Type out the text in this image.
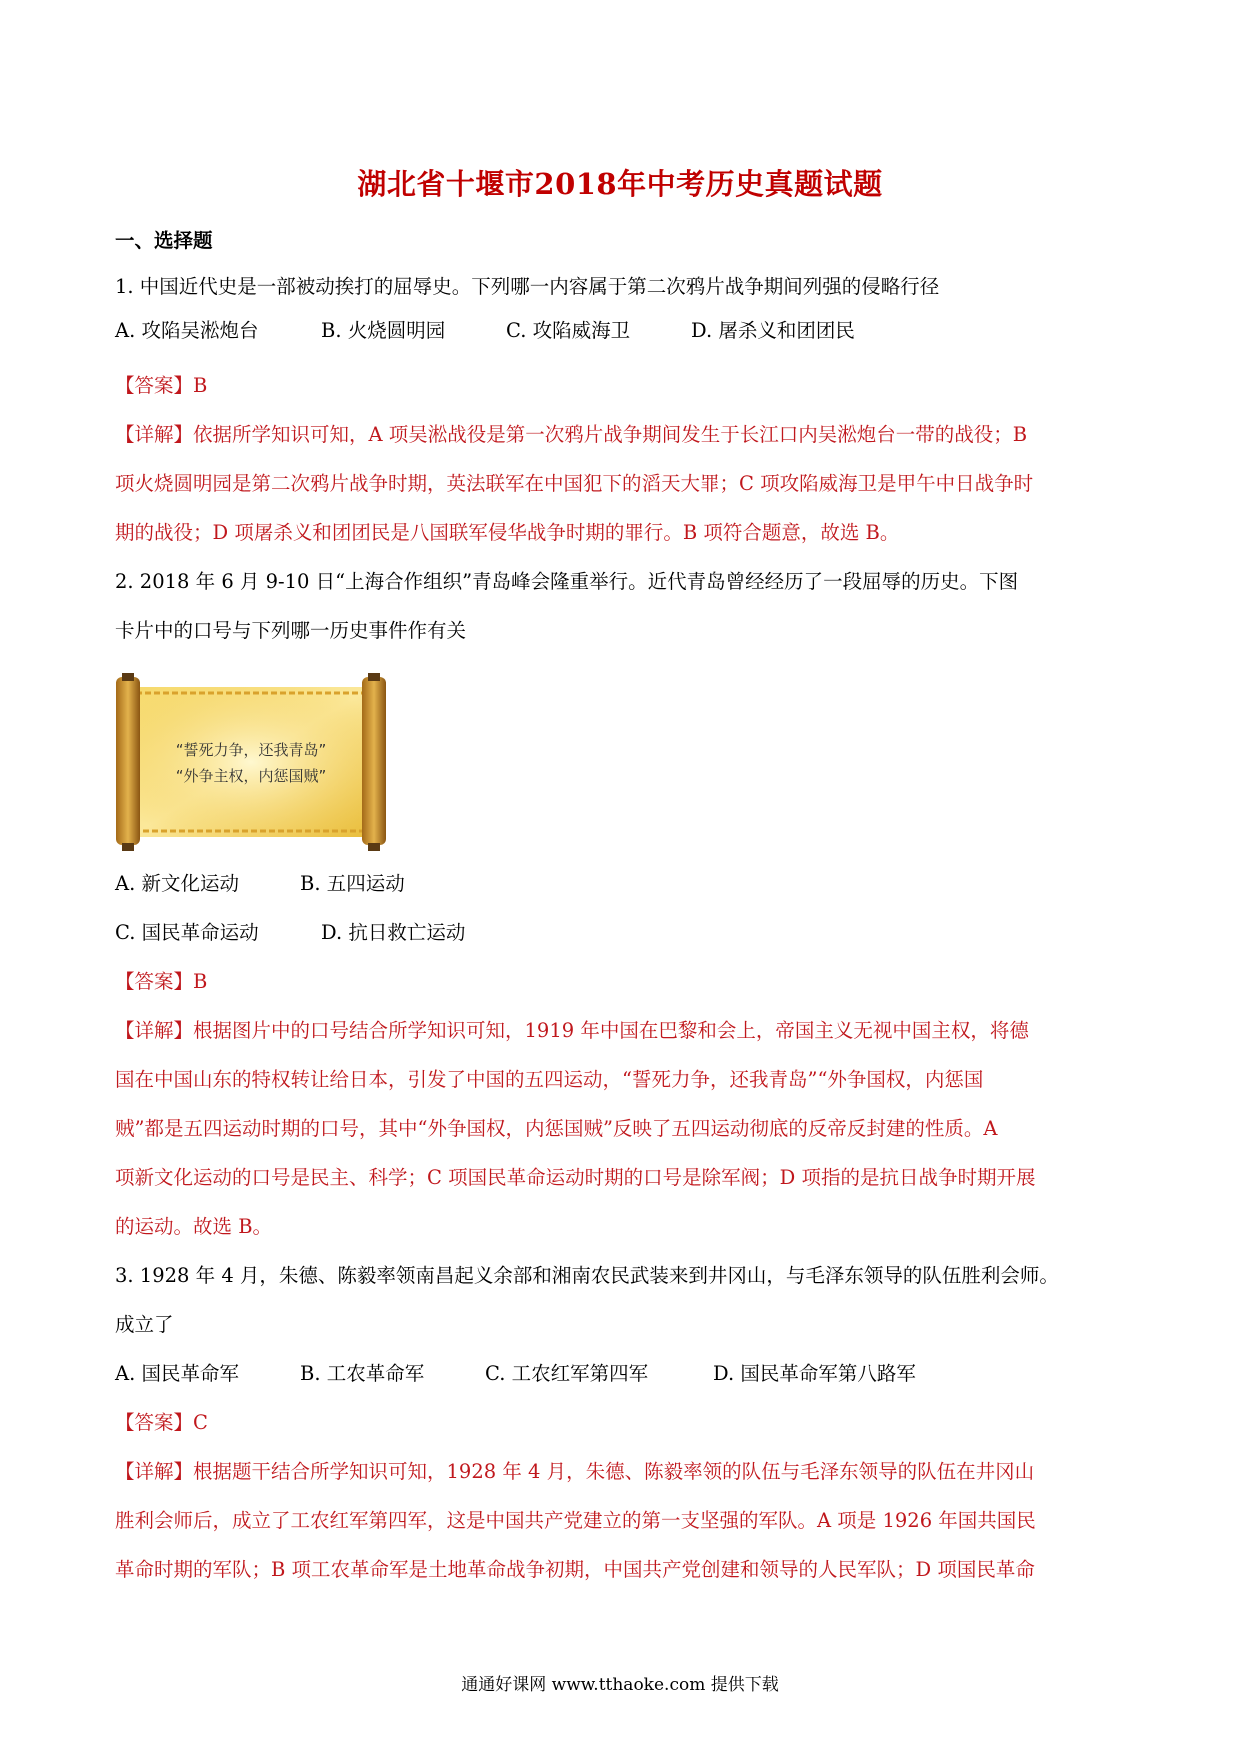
湖北省十堰市2018年中考历史真题试题
一、选择题
1. 中国近代史是一部被动挨打的屈辱史。下列哪一内容属于第二次鸦片战争期间列强的侵略行径
A. 攻陷吴淞炮台	B. 火烧圆明园	C. 攻陷威海卫	D. 屠杀义和团团民
【答案】B
【详解】依据所学知识可知，A 项吴淞战役是第一次鸦片战争期间发生于长江口内吴淞炮台一带的战役；B
项火烧圆明园是第二次鸦片战争时期，英法联军在中国犯下的滔天大罪；C 项攻陷威海卫是甲午中日战争时
期的战役；D 项屠杀义和团团民是八国联军侵华战争时期的罪行。B 项符合题意，故选 B。
2. 2018 年 6 月 9-10 日“上海合作组织”青岛峰会隆重举行。近代青岛曾经经历了一段屈辱的历史。下图
卡片中的口号与下列哪一历史事件作有关
“誓死力争，还我青岛”
“外争主权，内惩国贼”
A. 新文化运动	B. 五四运动
C. 国民革命运动	D. 抗日救亡运动
【答案】B
【详解】根据图片中的口号结合所学知识可知，1919 年中国在巴黎和会上，帝国主义无视中国主权，将德
国在中国山东的特权转让给日本，引发了中国的五四运动，“誓死力争，还我青岛”“外争国权，内惩国
贼”都是五四运动时期的口号，其中“外争国权，内惩国贼”反映了五四运动彻底的反帝反封建的性质。A
项新文化运动的口号是民主、科学；C 项国民革命运动时期的口号是除军阀；D 项指的是抗日战争时期开展
的运动。故选 B。
3. 1928 年 4 月，朱德、陈毅率领南昌起义余部和湘南农民武装来到井冈山，与毛泽东领导的队伍胜利会师。
成立了
A. 国民革命军	B. 工农革命军	C. 工农红军第四军	D. 国民革命军第八路军
【答案】C
【详解】根据题干结合所学知识可知，1928 年 4 月，朱德、陈毅率领的队伍与毛泽东领导的队伍在井冈山
胜利会师后，成立了工农红军第四军，这是中国共产党建立的第一支坚强的军队。A 项是 1926 年国共国民
革命时期的军队；B 项工农革命军是土地革命战争初期，中国共产党创建和领导的人民军队；D 项国民革命
通通好课网 www.tthaoke.com 提供下载
